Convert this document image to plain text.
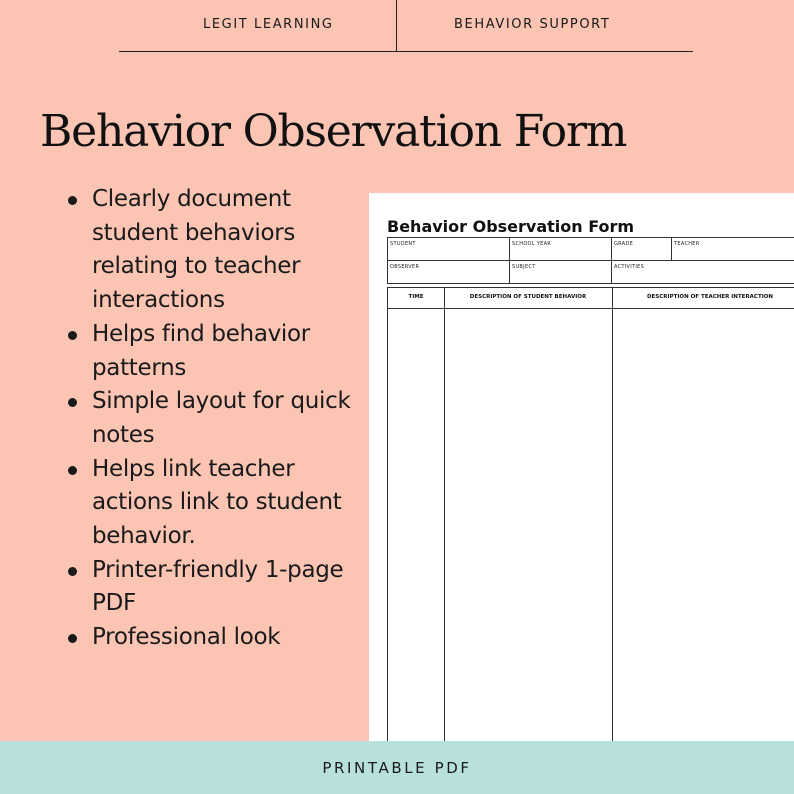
LEGIT LEARNING	BEHAVIOR SUPPORT
Behavior Observation Form
Clearly document student behaviors relating to teacher interactions
Helps find behavior patterns
Simple layout for quick notes
Helps link teacher actions link to student behavior.
Printer-friendly 1-page PDF
Professional look
Behavior Observation Form
STUDENT	SCHOOL YEAR	GRADE	TEACHER
OBSERVER	SUBJECT	ACTIVITIES
TIME	DESCRIPTION OF STUDENT BEHAVIOR	DESCRIPTION OF TEACHER INTERACTION
PRINTABLE PDF
